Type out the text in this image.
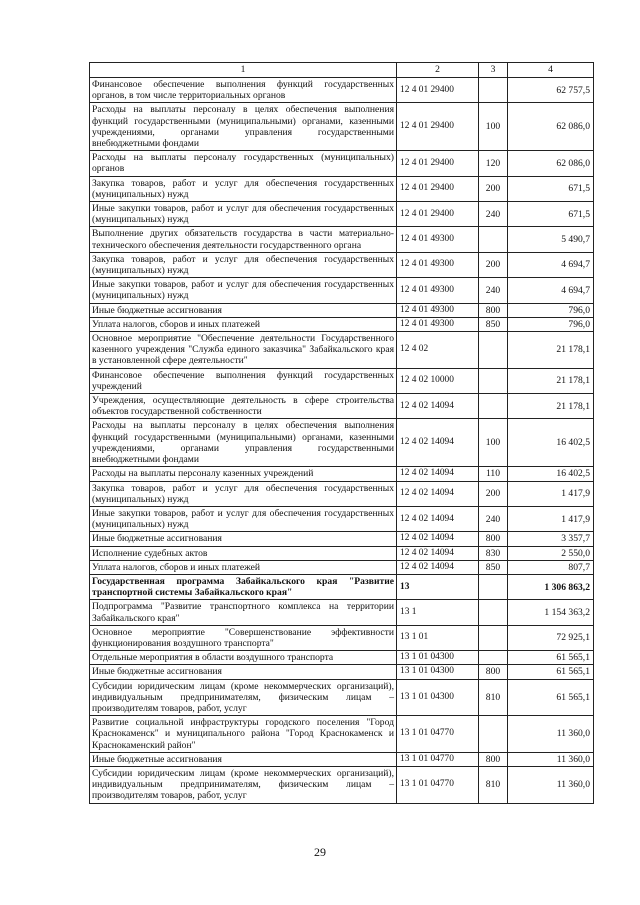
1	2	3	4
Финансовое обеспечение выполнения функций государственных органов, в том числе территориальных органов	12 4 01 29400		62 757,5
Расходы на выплаты персоналу в целях обеспечения выполнения функций государственными (муниципальными) органами, казенными учреждениями, органами управления государственными внебюджетными фондами	12 4 01 29400	100	62 086,0
Расходы на выплаты персоналу государственных (муниципальных) органов	12 4 01 29400	120	62 086,0
Закупка товаров, работ и услуг для обеспечения государственных (муниципальных) нужд	12 4 01 29400	200	671,5
Иные закупки товаров, работ и услуг для обеспечения государственных (муниципальных) нужд	12 4 01 29400	240	671,5
Выполнение других обязательств государства в части материально-технического обеспечения деятельности государственного органа	12 4 01 49300		5 490,7
Закупка товаров, работ и услуг для обеспечения государственных (муниципальных) нужд	12 4 01 49300	200	4 694,7
Иные закупки товаров, работ и услуг для обеспечения государственных (муниципальных) нужд	12 4 01 49300	240	4 694,7
Иные бюджетные ассигнования	12 4 01 49300	800	796,0
Уплата налогов, сборов и иных платежей	12 4 01 49300	850	796,0
Основное мероприятие "Обеспечение деятельности Государственного казенного учреждения "Служба единого заказчика" Забайкальского края в установленной сфере деятельности"	12 4 02		21 178,1
Финансовое обеспечение выполнения функций государственных учреждений	12 4 02 10000		21 178,1
Учреждения, осуществляющие деятельность в сфере строительства объектов государственной собственности	12 4 02 14094		21 178,1
Расходы на выплаты персоналу в целях обеспечения выполнения функций государственными (муниципальными) органами, казенными учреждениями, органами управления государственными внебюджетными фондами	12 4 02 14094	100	16 402,5
Расходы на выплаты персоналу казенных учреждений	12 4 02 14094	110	16 402,5
Закупка товаров, работ и услуг для обеспечения государственных (муниципальных) нужд	12 4 02 14094	200	1 417,9
Иные закупки товаров, работ и услуг для обеспечения государственных (муниципальных) нужд	12 4 02 14094	240	1 417,9
Иные бюджетные ассигнования	12 4 02 14094	800	3 357,7
Исполнение судебных актов	12 4 02 14094	830	2 550,0
Уплата налогов, сборов и иных платежей	12 4 02 14094	850	807,7
Государственная программа Забайкальского края "Развитие транспортной системы Забайкальского края"	13		1 306 863,2
Подпрограмма "Развитие транспортного комплекса на территории Забайкальского края"	13 1		1 154 363,2
Основное мероприятие "Совершенствование эффективности функционирования воздушного транспорта"	13 1 01		72 925,1
Отдельные мероприятия в области воздушного транспорта	13 1 01 04300		61 565,1
Иные бюджетные ассигнования	13 1 01 04300	800	61 565,1
Субсидии юридическим лицам (кроме некоммерческих организаций), индивидуальным предпринимателям, физическим лицам – производителям товаров, работ, услуг	13 1 01 04300	810	61 565,1
Развитие социальной инфраструктуры городского поселения "Город Краснокаменск" и муниципального района "Город Краснокаменск и Краснокаменский район"	13 1 01 04770		11 360,0
Иные бюджетные ассигнования	13 1 01 04770	800	11 360,0
Субсидии юридическим лицам (кроме некоммерческих организаций), индивидуальным предпринимателям, физическим лицам – производителям товаров, работ, услуг	13 1 01 04770	810	11 360,0
29
